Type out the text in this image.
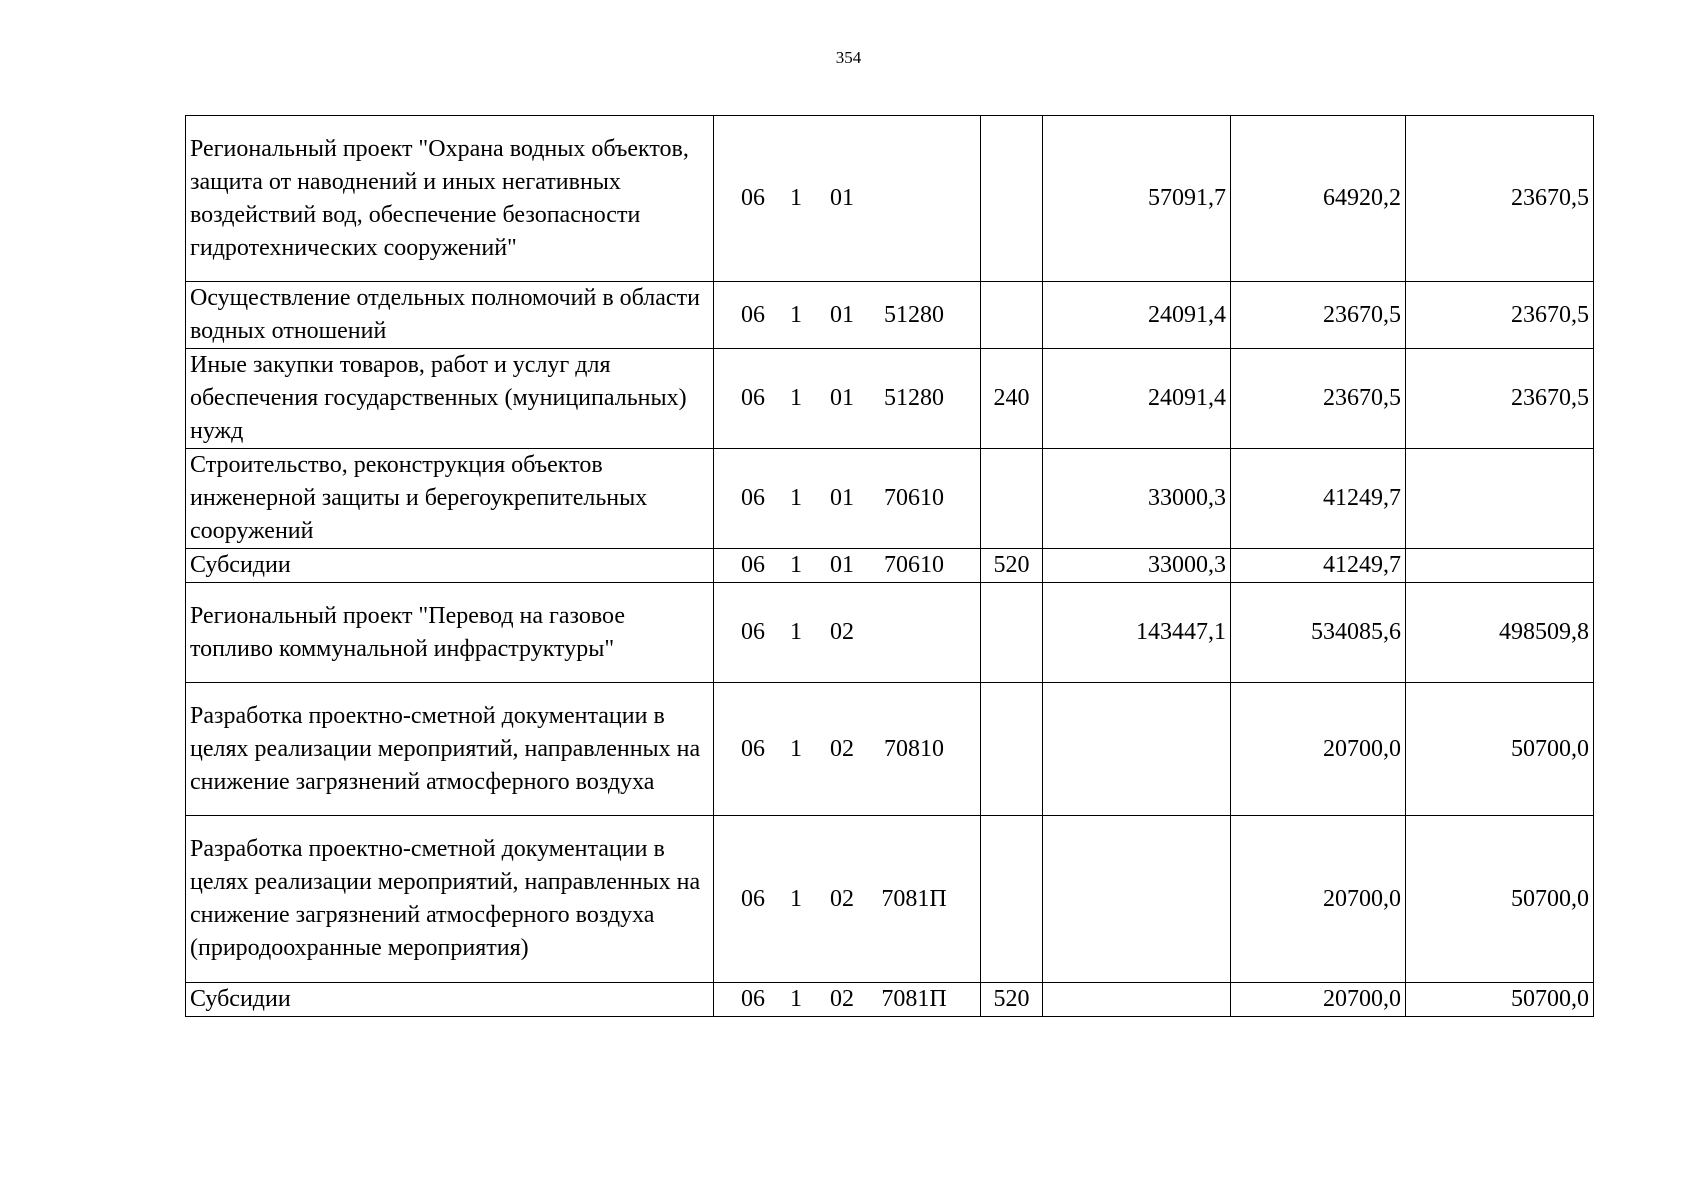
354
Региональный проект "Охрана водных объектов, защита от наводнений и иных негативных воздействий вод, обеспечение безопасности гидротехнических сооружений"	06 1 01		57091,7	64920,2	23670,5
Осуществление отдельных полномочий в области водных отношений	06 1 01 51280		24091,4	23670,5	23670,5
Иные закупки товаров, работ и услуг для обеспечения государственных (муниципальных) нужд	06 1 01 51280	240	24091,4	23670,5	23670,5
Строительство, реконструкция объектов инженерной защиты и берегоукрепительных сооружений	06 1 01 70610		33000,3	41249,7	
Субсидии	06 1 01 70610	520	33000,3	41249,7	
Региональный проект "Перевод на газовое топливо коммунальной инфраструктуры"	06 1 02		143447,1	534085,6	498509,8
Разработка проектно-сметной документации в целях реализации мероприятий, направленных на снижение загрязнений атмосферного воздуха	06 1 02 70810			20700,0	50700,0
Разработка проектно-сметной документации в целях реализации мероприятий, направленных на снижение загрязнений атмосферного воздуха (природоохранные мероприятия)	06 1 02 7081П			20700,0	50700,0
Субсидии	06 1 02 7081П	520		20700,0	50700,0
